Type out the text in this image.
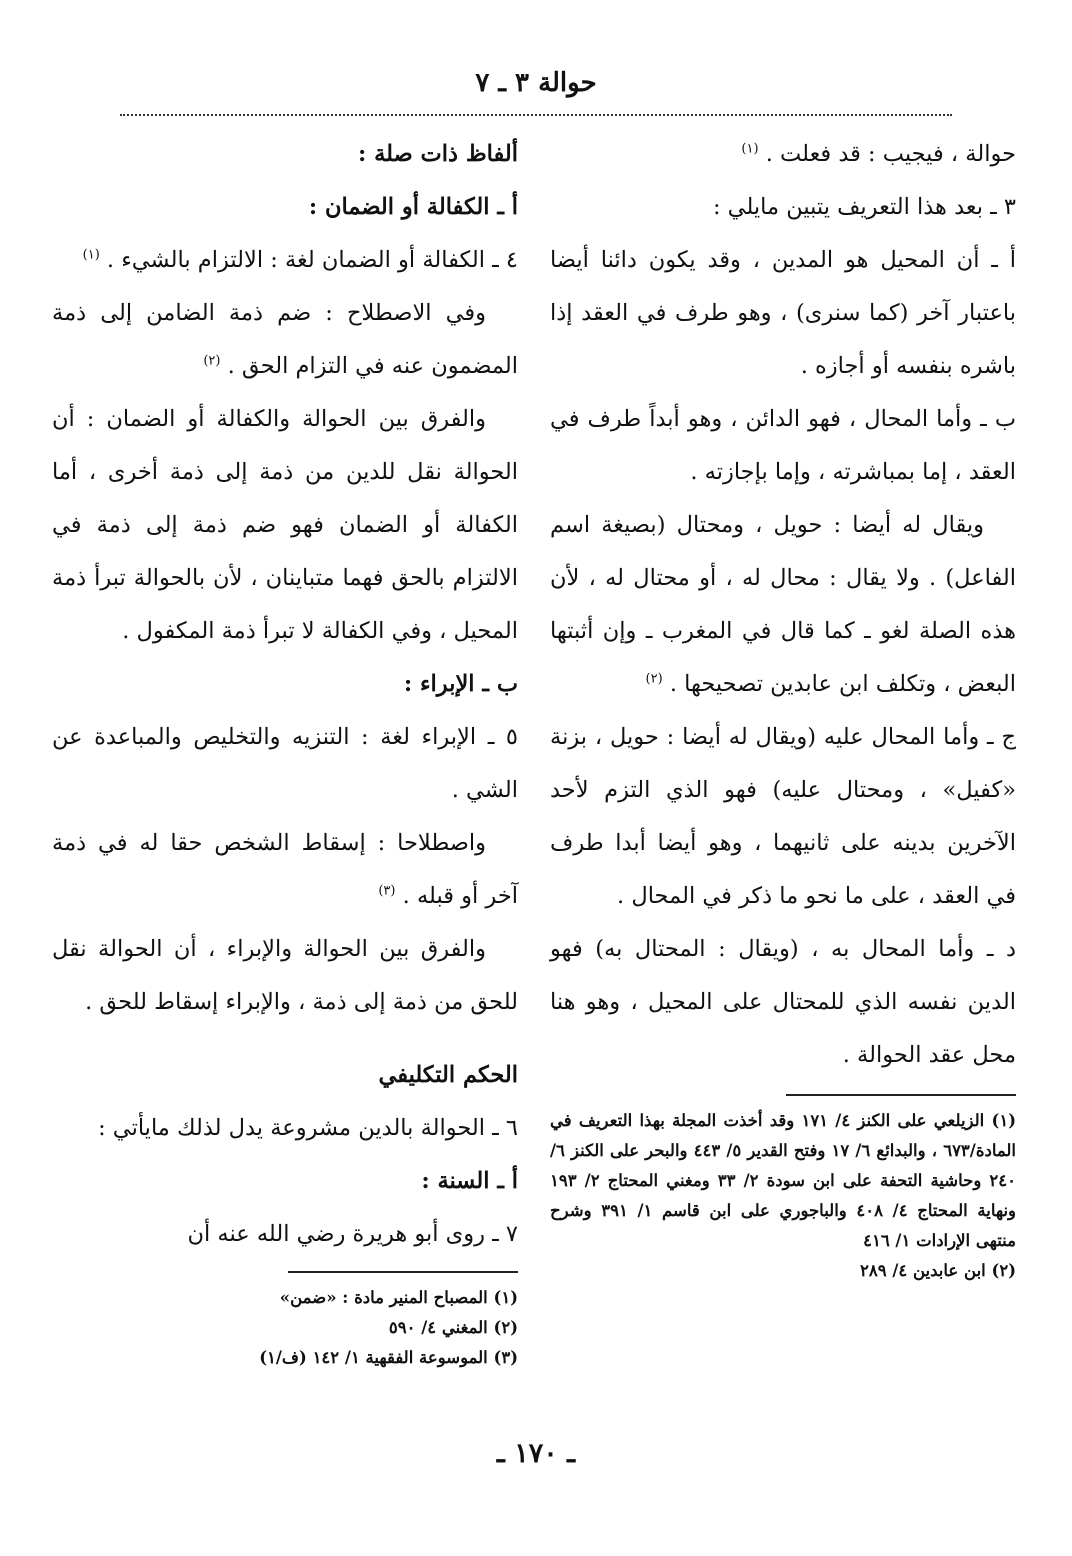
حوالة ٣ ـ ٧

حوالة ، فيجيب : قد فعلت . $^{(١)}$

٣ ـ بعد هذا التعريف يتبين مايلي :

أ ـ أن المحيل هو المدين ، وقد يكون دائنا أيضا باعتبار آخر (كما سنرى) ، وهو طرف في العقد إذا باشره بنفسه أو أجازه .

ب ـ وأما المحال ، فهو الدائن ، وهو أبداً طرف في العقد ، إما بمباشرته ، وإما بإجازته .

ويقال له أيضا : حويل ، ومحتال (بصيغة اسم الفاعل) . ولا يقال : محال له ، أو محتال له ، لأن هذه الصلة لغو ـ كما قال في المغرب ـ وإن أثبتها البعض ، وتكلف ابن عابدين تصحيحها . $^{(٢)}$

ج ـ وأما المحال عليه (ويقال له أيضا : حويل ، بزنة «كفيل» ، ومحتال عليه) فهو الذي التزم لأحد الآخرين بدينه على ثانيهما ، وهو أيضا أبدا طرف في العقد ، على ما نحو ما ذكر في المحال .

د ـ وأما المحال به ، (ويقال : المحتال به) فهو الدين نفسه الذي للمحتال على المحيل ، وهو هنا محل عقد الحوالة .

(١) الزيلعي على الكنز ٤/ ١٧١ وقد أخذت المجلة بهذا التعريف في المادة/٦٧٣ ، والبدائع ٦/ ١٧ وفتح القدير ٥/ ٤٤٣ والبحر على الكنز ٦/ ٢٤٠ وحاشية التحفة على ابن سودة ٢/ ٣٣ ومغني المحتاج ٢/ ١٩٣ ونهاية المحتاج ٤/ ٤٠٨ والباجوري على ابن قاسم ١/ ٣٩١ وشرح منتهى الإرادات ١/ ٤١٦

(٢) ابن عابدين ٤/ ٢٨٩

ألفاظ ذات صلة :

أ ـ الكفالة أو الضمان :

٤ ـ الكفالة أو الضمان لغة : الالتزام بالشيء . $^{(١)}$

وفي الاصطلاح : ضم ذمة الضامن إلى ذمة المضمون عنه في التزام الحق . $^{(٢)}$

والفرق بين الحوالة والكفالة أو الضمان : أن الحوالة نقل للدين من ذمة إلى ذمة أخرى ، أما الكفالة أو الضمان فهو ضم ذمة إلى ذمة في الالتزام بالحق فهما متباينان ، لأن بالحوالة تبرأ ذمة المحيل ، وفي الكفالة لا تبرأ ذمة المكفول .

ب ـ الإبراء :

٥ ـ الإبراء لغة : التنزيه والتخليص والمباعدة عن الشي .

واصطلاحا : إسقاط الشخص حقا له في ذمة آخر أو قبله . $^{(٣)}$

والفرق بين الحوالة والإبراء ، أن الحوالة نقل للحق من ذمة إلى ذمة ، والإبراء إسقاط للحق .

الحكم التكليفي

٦ ـ الحوالة بالدين مشروعة يدل لذلك مايأتي :

أ ـ السنة :

٧ ـ روى أبو هريرة رضي الله عنه أن

(١) المصباح المنير مادة : «ضمن»

(٢) المغني ٤/ ٥٩٠

(٣) الموسوعة الفقهية ١/ ١٤٢ (ف/١)

ـ ١٧٠ ـ
